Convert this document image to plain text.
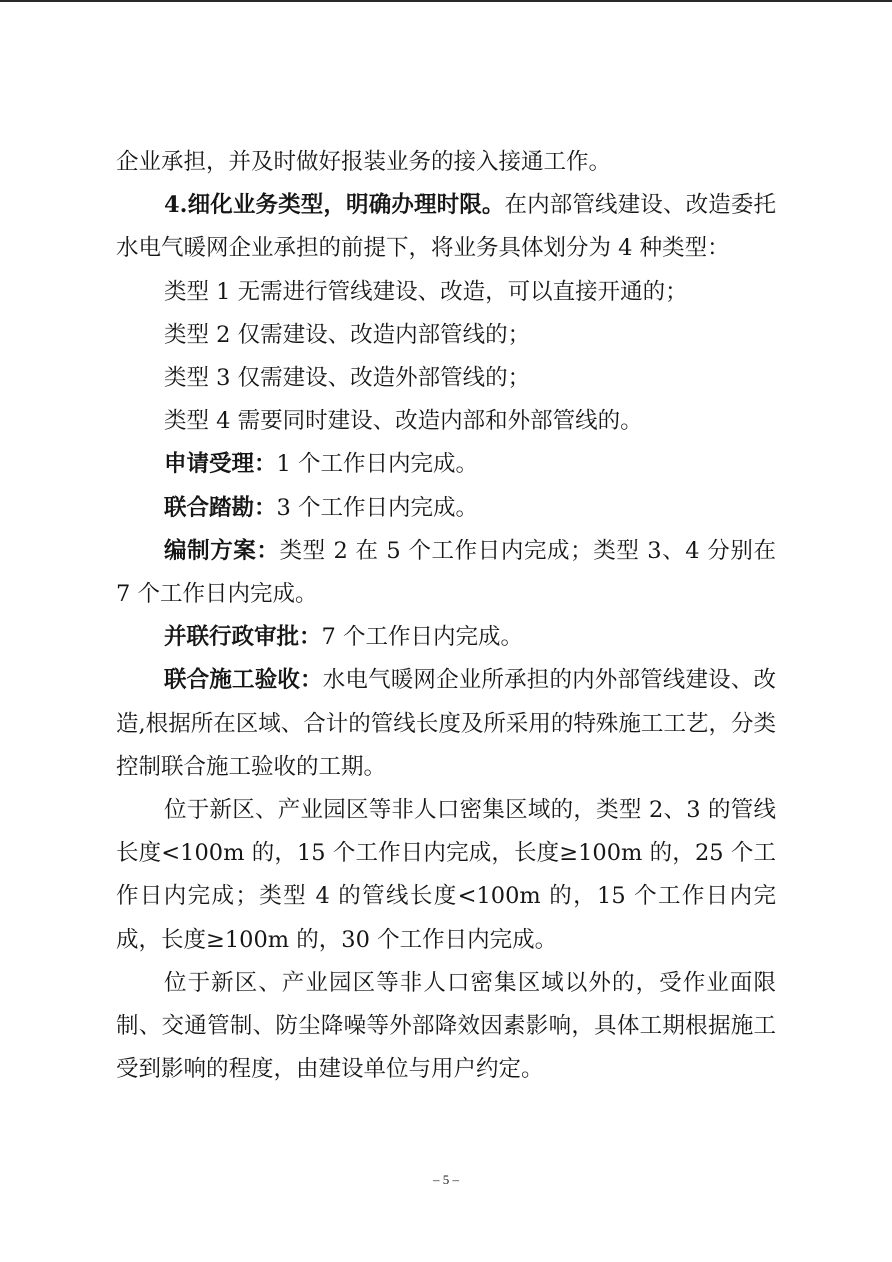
企业承担，并及时做好报装业务的接入接通工作。

4.细化业务类型，明确办理时限。在内部管线建设、改造委托水电气暖网企业承担的前提下，将业务具体划分为 4 种类型：

类型 1 无需进行管线建设、改造，可以直接开通的；

类型 2 仅需建设、改造内部管线的；

类型 3 仅需建设、改造外部管线的；

类型 4 需要同时建设、改造内部和外部管线的。

申请受理：1 个工作日内完成。

联合踏勘：3 个工作日内完成。

编制方案：类型 2 在 5 个工作日内完成；类型 3、4 分别在 7 个工作日内完成。

并联行政审批：7 个工作日内完成。

联合施工验收：水电气暖网企业所承担的内外部管线建设、改造,根据所在区域、合计的管线长度及所采用的特殊施工工艺，分类控制联合施工验收的工期。

位于新区、产业园区等非人口密集区域的，类型 2、3 的管线长度<100m 的，15 个工作日内完成，长度≥100m 的，25 个工作日内完成；类型 4 的管线长度<100m 的，15 个工作日内完成，长度≥100m 的，30 个工作日内完成。

位于新区、产业园区等非人口密集区域以外的，受作业面限制、交通管制、防尘降噪等外部降效因素影响，具体工期根据施工受到影响的程度，由建设单位与用户约定。

– 5 –
